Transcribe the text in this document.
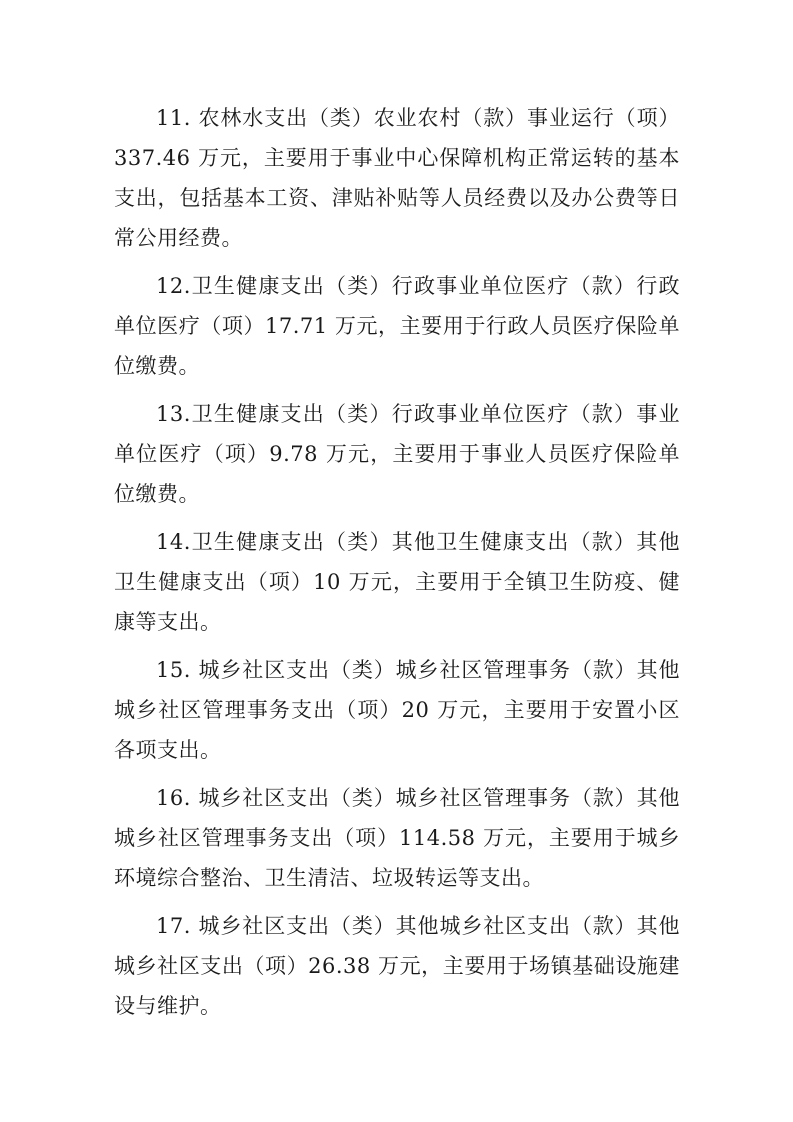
11. 农林水支出（类）农业农村（款）事业运行（项）337.46 万元，主要用于事业中心保障机构正常运转的基本支出，包括基本工资、津贴补贴等人员经费以及办公费等日常公用经费。

12.卫生健康支出（类）行政事业单位医疗（款）行政单位医疗（项）17.71 万元，主要用于行政人员医疗保险单位缴费。

13.卫生健康支出（类）行政事业单位医疗（款）事业单位医疗（项）9.78 万元，主要用于事业人员医疗保险单位缴费。

14.卫生健康支出（类）其他卫生健康支出（款）其他卫生健康支出（项）10 万元，主要用于全镇卫生防疫、健康等支出。

15. 城乡社区支出（类）城乡社区管理事务（款）其他城乡社区管理事务支出（项）20 万元，主要用于安置小区各项支出。

16. 城乡社区支出（类）城乡社区管理事务（款）其他城乡社区管理事务支出（项）114.58 万元，主要用于城乡环境综合整治、卫生清洁、垃圾转运等支出。

17. 城乡社区支出（类）其他城乡社区支出（款）其他城乡社区支出（项）26.38 万元，主要用于场镇基础设施建设与维护。
